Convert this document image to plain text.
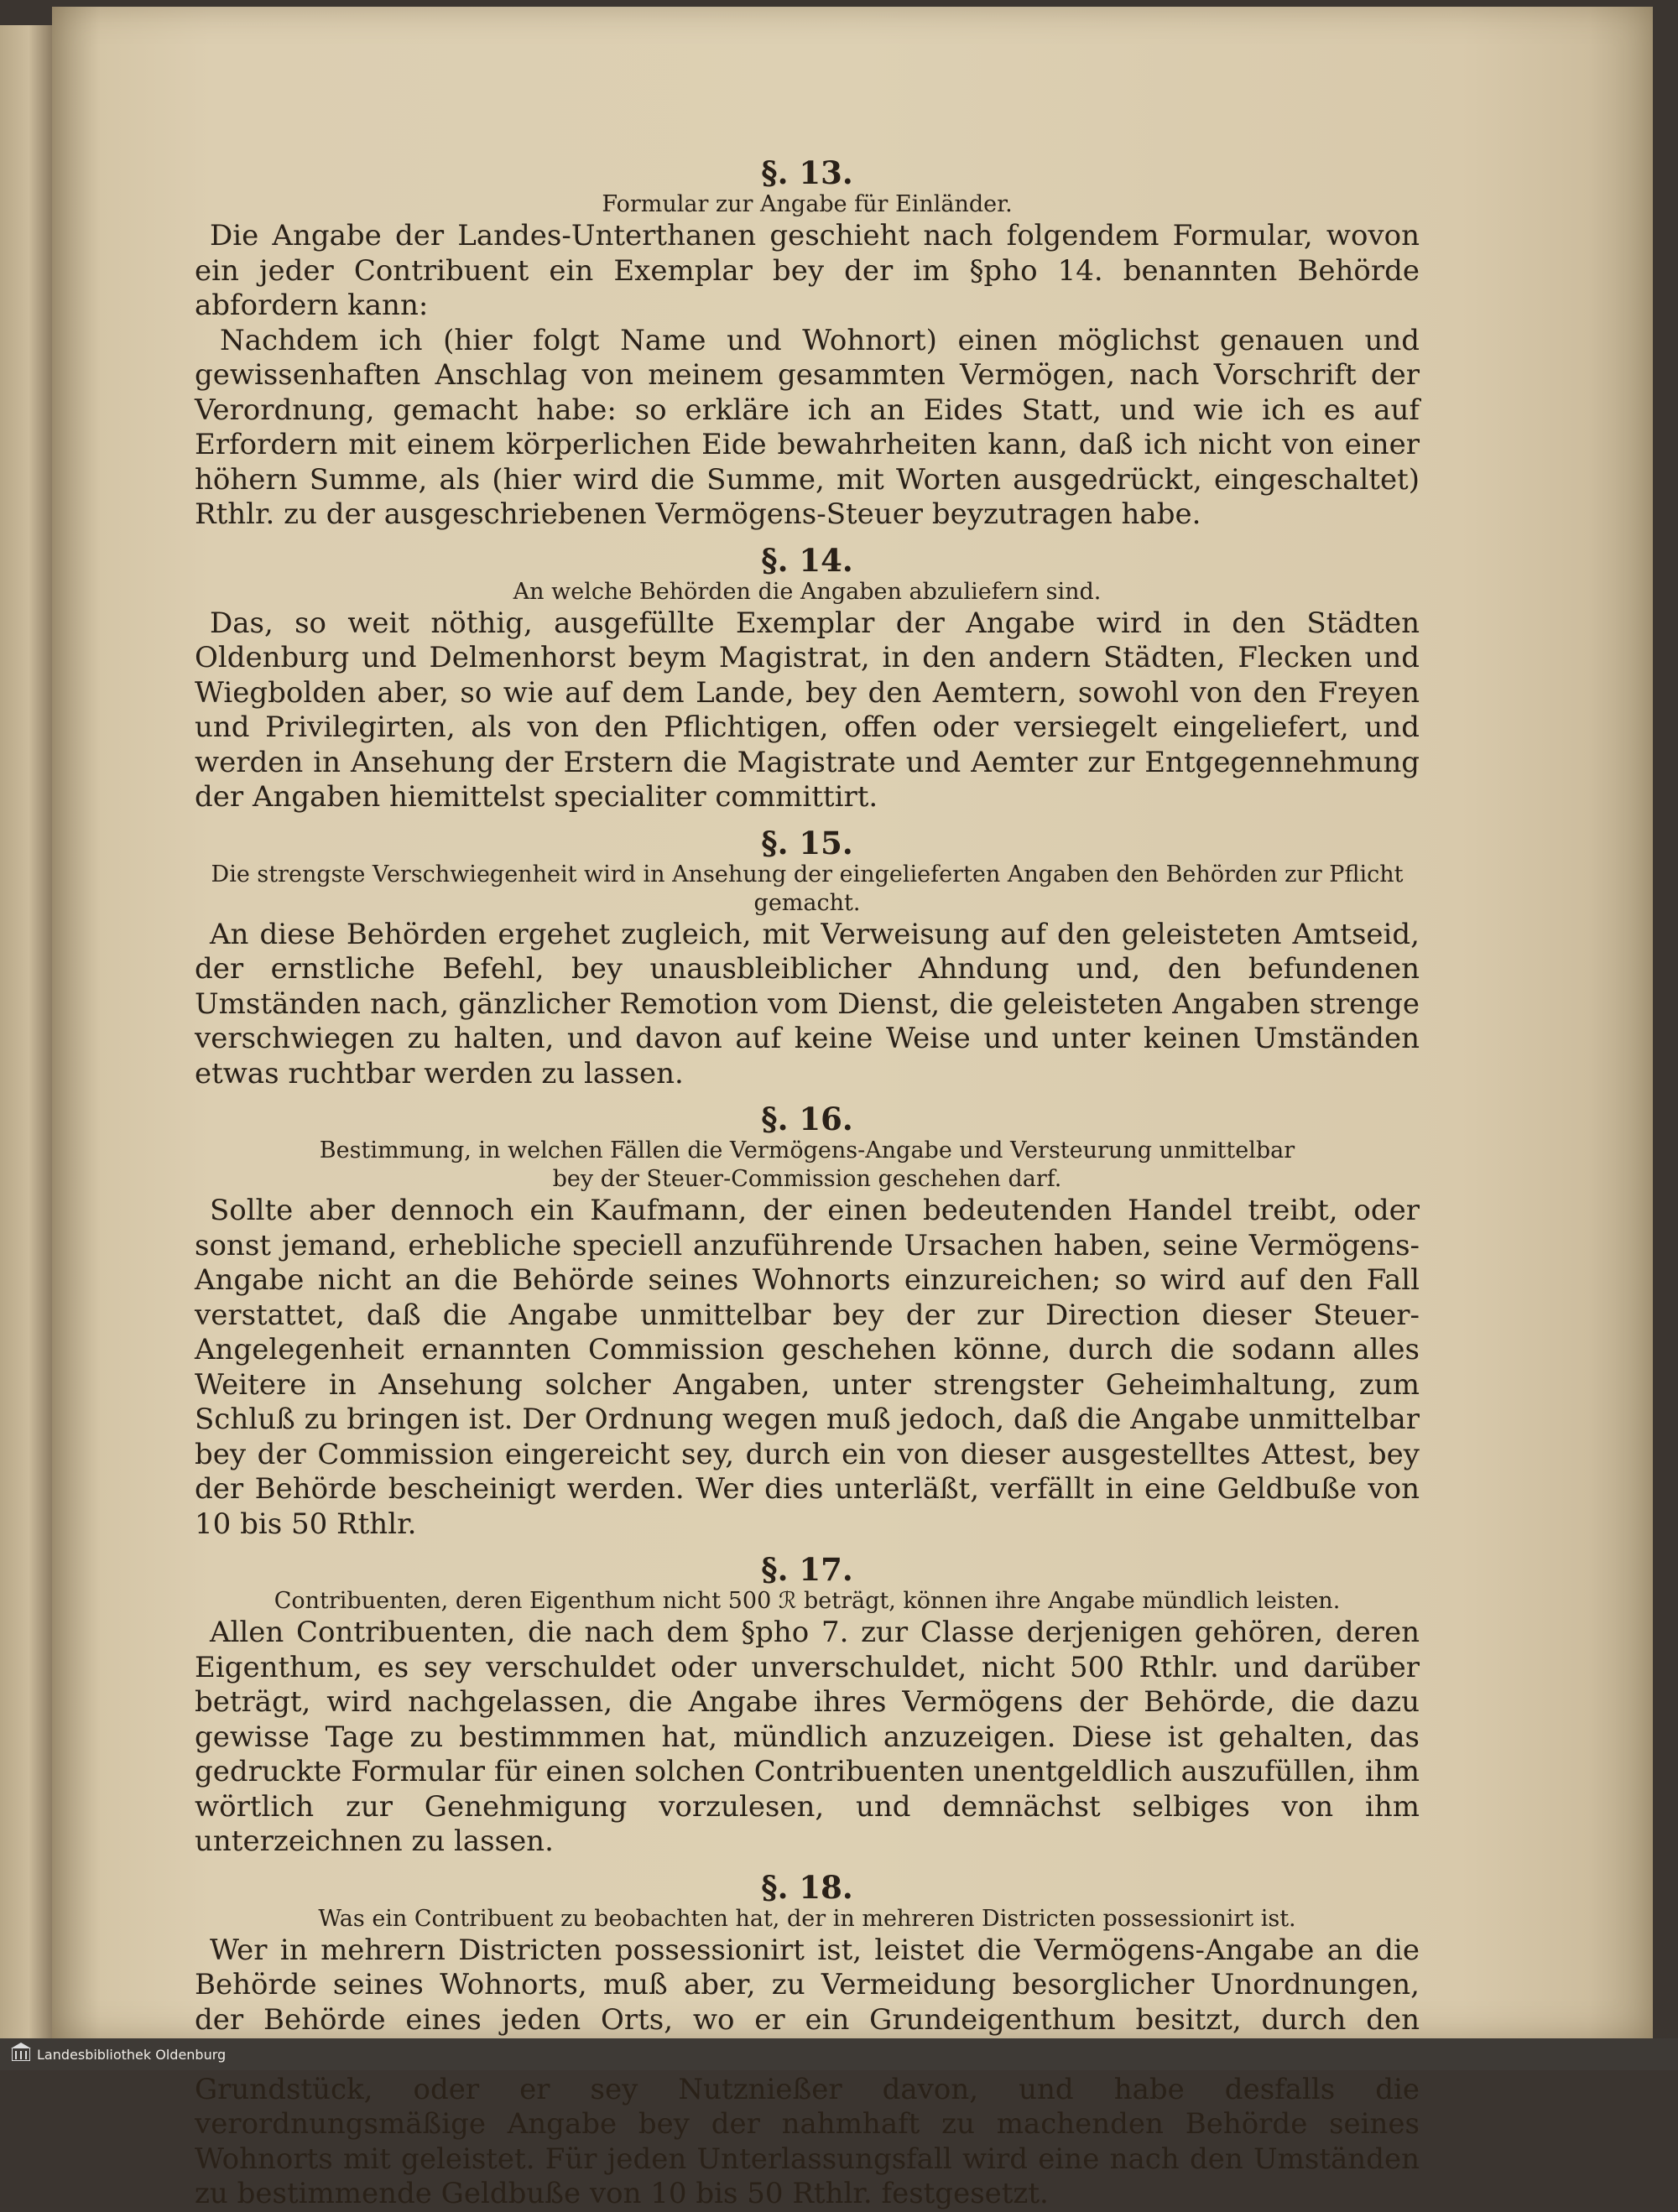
§. 13.
Formular zur Angabe für Einländer.

Die Angabe der Landes-Unterthanen geschieht nach folgendem Formular, wovon ein jeder Contribuent ein Exemplar bey der im §pho 14. benannten Behörde abfordern kann:

Nachdem ich (hier folgt Name und Wohnort) einen möglichst genauen und gewissenhaften Anschlag von meinem gesammten Vermögen, nach Vorschrift der Verordnung, gemacht habe: so erkläre ich an Eides Statt, und wie ich es auf Erfordern mit einem körperlichen Eide bewahrheiten kann, daß ich nicht von einer höhern Summe, als (hier wird die Summe, mit Worten ausgedrückt, eingeschaltet) Rthlr. zu der ausgeschriebenen Vermögens-Steuer beyzutragen habe.

§. 14.
An welche Behörden die Angaben abzuliefern sind.

Das, so weit nöthig, ausgefüllte Exemplar der Angabe wird in den Städten Oldenburg und Delmenhorst beym Magistrat, in den andern Städten, Flecken und Wiegbolden aber, so wie auf dem Lande, bey den Aemtern, sowohl von den Freyen und Privilegirten, als von den Pflichtigen, offen oder versiegelt eingeliefert, und werden in Ansehung der Erstern die Magistrate und Aemter zur Entgegennehmung der Angaben hiemittelst specialiter committirt.

§. 15.
Die strengste Verschwiegenheit wird in Ansehung der eingelieferten Angaben den Behörden zur Pflicht gemacht.

An diese Behörden ergehet zugleich, mit Verweisung auf den geleisteten Amtseid, der ernstliche Befehl, bey unausbleiblicher Ahndung und, den befundenen Umständen nach, gänzlicher Remotion vom Dienst, die geleisteten Angaben strenge verschwiegen zu halten, und davon auf keine Weise und unter keinen Umständen etwas ruchtbar werden zu lassen.

§. 16.
Bestimmung, in welchen Fällen die Vermögens-Angabe und Versteurung unmittelbar
bey der Steuer-Commission geschehen darf.

Sollte aber dennoch ein Kaufmann, der einen bedeutenden Handel treibt, oder sonst jemand, erhebliche speciell anzuführende Ursachen haben, seine Vermögens-Angabe nicht an die Behörde seines Wohnorts einzureichen; so wird auf den Fall verstattet, daß die Angabe unmittelbar bey der zur Direction dieser Steuer-Angelegenheit ernannten Commission geschehen könne, durch die sodann alles Weitere in Ansehung solcher Angaben, unter strengster Geheimhaltung, zum Schluß zu bringen ist. Der Ordnung wegen muß jedoch, daß die Angabe unmittelbar bey der Commission eingereicht sey, durch ein von dieser ausgestelltes Attest, bey der Behörde bescheinigt werden. Wer dies unterläßt, verfällt in eine Geldbuße von 10 bis 50 Rthlr.

§. 17.
Contribuenten, deren Eigenthum nicht 500 ℛ beträgt, können ihre Angabe mündlich leisten.

Allen Contribuenten, die nach dem §pho 7. zur Classe derjenigen gehören, deren Eigenthum, es sey verschuldet oder unverschuldet, nicht 500 Rthlr. und darüber beträgt, wird nachgelassen, die Angabe ihres Vermögens der Behörde, die dazu gewisse Tage zu bestimmmen hat, mündlich anzuzeigen. Diese ist gehalten, das gedruckte Formular für einen solchen Contribuenten unentgeldlich auszufüllen, ihm wörtlich zur Genehmigung vorzulesen, und demnächst selbiges von ihm unterzeichnen zu lassen.

§. 18.
Was ein Contribuent zu beobachten hat, der in mehreren Districten possessionirt ist.

Wer in mehrern Districten possessionirt ist, leistet die Vermögens-Angabe an die Behörde seines Wohnorts, muß aber, zu Vermeidung besorglicher Unordnungen, der Behörde eines jeden Orts, wo er ein Grundeigenthum besitzt, durch den Grundstück, oder er sey Nutznießer davon, und habe desfalls die verordnungsmäßige Angabe bey der nahmhaft zu machenden Behörde seines Wohnorts mit geleistet. Für jeden Unterlassungsfall wird eine nach den Umständen zu bestimmende Geldbuße von 10 bis 50 Rthlr. festgesetzt.

Landesbibliothek Oldenburg
